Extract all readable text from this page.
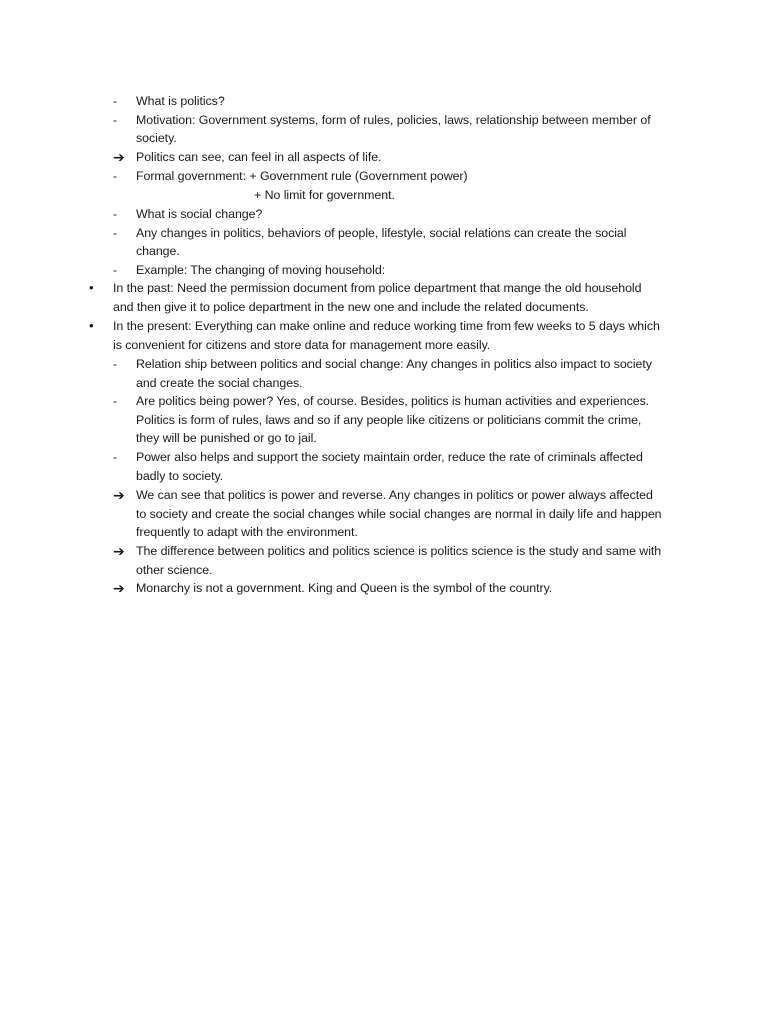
- What is politics?
- Motivation: Government systems, form of rules, policies, laws, relationship between member of
society.
➔ Politics can see, can feel in all aspects of life.
- Formal government: + Government rule (Government power)
+ No limit for government.
- What is social change?
- Any changes in politics, behaviors of people, lifestyle, social relations can create the social
change.
- Example: The changing of moving household:
• In the past: Need the permission document from police department that mange the old household
and then give it to police department in the new one and include the related documents.
• In the present: Everything can make online and reduce working time from few weeks to 5 days which
is convenient for citizens and store data for management more easily.
- Relation ship between politics and social change: Any changes in politics also impact to society
and create the social changes.
- Are politics being power? Yes, of course. Besides, politics is human activities and experiences.
Politics is form of rules, laws and so if any people like citizens or politicians commit the crime,
they will be punished or go to jail.
- Power also helps and support the society maintain order, reduce the rate of criminals affected
badly to society.
➔ We can see that politics is power and reverse. Any changes in politics or power always affected
to society and create the social changes while social changes are normal in daily life and happen
frequently to adapt with the environment.
➔ The difference between politics and politics science is politics science is the study and same with
other science.
➔ Monarchy is not a government. King and Queen is the symbol of the country.
